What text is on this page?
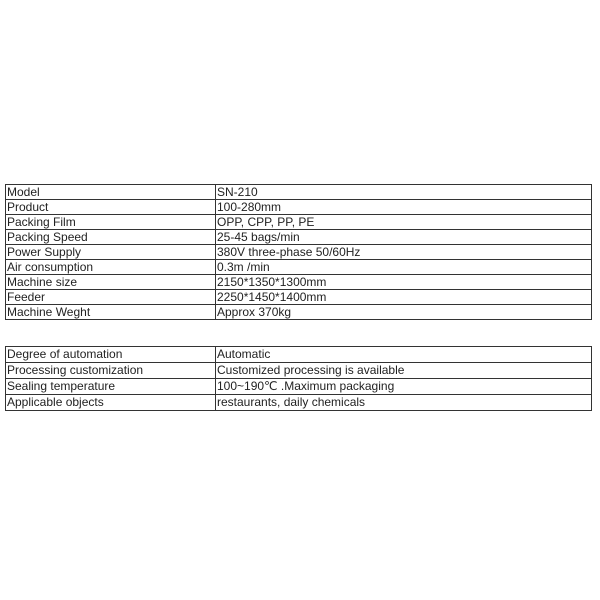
Model	SN-210
Product	100-280mm
Packing Film	OPP, CPP, PP, PE
Packing Speed	25-45 bags/min
Power Supply	380V three-phase 50/60Hz
Air consumption	0.3m /min
Machine size	2150*1350*1300mm
Feeder	2250*1450*1400mm
Machine Weght	Approx 370kg
Degree of automation	Automatic
Processing customization	Customized processing is available
Sealing temperature	100~190℃ .Maximum packaging
Applicable objects	restaurants, daily chemicals
